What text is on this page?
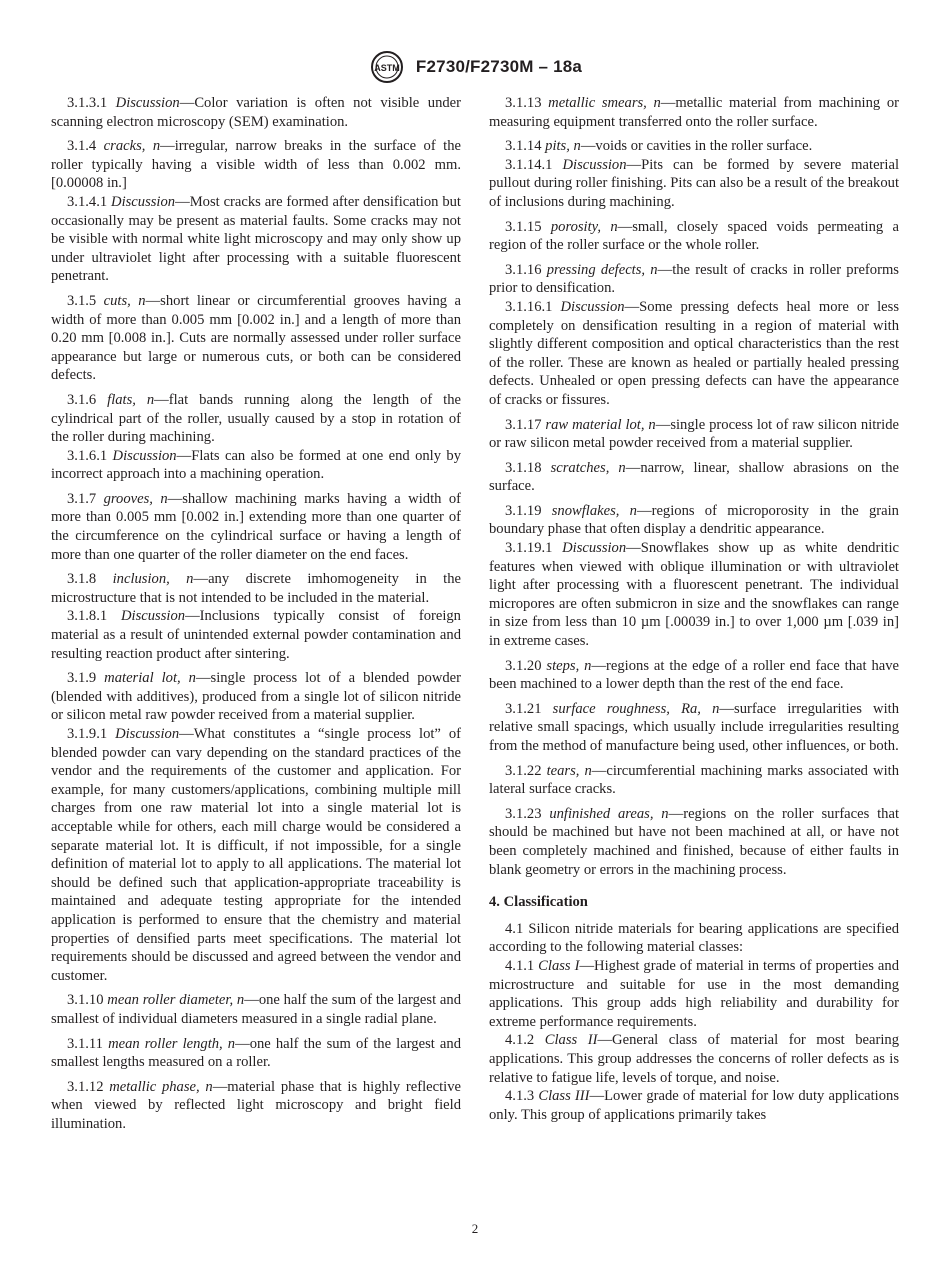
ASTM F2730/F2730M – 18a

3.1.3.1 Discussion—Color variation is often not visible under scanning electron microscopy (SEM) examination.

3.1.4 cracks, n—irregular, narrow breaks in the surface of the roller typically having a visible width of less than 0.002 mm. [0.00008 in.]

3.1.4.1 Discussion—Most cracks are formed after densification but occasionally may be present as material faults. Some cracks may not be visible with normal white light microscopy and may only show up under ultraviolet light after processing with a suitable fluorescent penetrant.

3.1.5 cuts, n—short linear or circumferential grooves having a width of more than 0.005 mm [0.002 in.] and a length of more than 0.20 mm [0.008 in.]. Cuts are normally assessed under roller surface appearance but large or numerous cuts, or both can be considered defects.

3.1.6 flats, n—flat bands running along the length of the cylindrical part of the roller, usually caused by a stop in rotation of the roller during machining.

3.1.6.1 Discussion—Flats can also be formed at one end only by incorrect approach into a machining operation.

3.1.7 grooves, n—shallow machining marks having a width of more than 0.005 mm [0.002 in.] extending more than one quarter of the circumference on the cylindrical surface or having a length of more than one quarter of the roller diameter on the end faces.

3.1.8 inclusion, n—any discrete imhomogeneity in the microstructure that is not intended to be included in the material.

3.1.8.1 Discussion—Inclusions typically consist of foreign material as a result of unintended external powder contamination and resulting reaction product after sintering.

3.1.9 material lot, n—single process lot of a blended powder (blended with additives), produced from a single lot of silicon nitride or silicon metal raw powder received from a material supplier.

3.1.9.1 Discussion—What constitutes a “single process lot” of blended powder can vary depending on the standard practices of the vendor and the requirements of the customer and application. For example, for many customers/applications, combining multiple mill charges from one raw material lot into a single material lot is acceptable while for others, each mill charge would be considered a separate material lot. It is difficult, if not impossible, for a single definition of material lot to apply to all applications. The material lot should be defined such that application-appropriate traceability is maintained and adequate testing appropriate for the intended application is performed to ensure that the chemistry and material properties of densified parts meet specifications. The material lot requirements should be discussed and agreed between the vendor and customer.

3.1.10 mean roller diameter, n—one half the sum of the largest and smallest of individual diameters measured in a single radial plane.

3.1.11 mean roller length, n—one half the sum of the largest and smallest lengths measured on a roller.

3.1.12 metallic phase, n—material phase that is highly reflective when viewed by reflected light microscopy and bright field illumination.

3.1.13 metallic smears, n—metallic material from machining or measuring equipment transferred onto the roller surface.

3.1.14 pits, n—voids or cavities in the roller surface.

3.1.14.1 Discussion—Pits can be formed by severe material pullout during roller finishing. Pits can also be a result of the breakout of inclusions during machining.

3.1.15 porosity, n—small, closely spaced voids permeating a region of the roller surface or the whole roller.

3.1.16 pressing defects, n—the result of cracks in roller preforms prior to densification.

3.1.16.1 Discussion—Some pressing defects heal more or less completely on densification resulting in a region of material with slightly different composition and optical characteristics than the rest of the roller. These are known as healed or partially healed pressing defects. Unhealed or open pressing defects can have the appearance of cracks or fissures.

3.1.17 raw material lot, n—single process lot of raw silicon nitride or raw silicon metal powder received from a material supplier.

3.1.18 scratches, n—narrow, linear, shallow abrasions on the surface.

3.1.19 snowflakes, n—regions of microporosity in the grain boundary phase that often display a dendritic appearance.

3.1.19.1 Discussion—Snowflakes show up as white dendritic features when viewed with oblique illumination or with ultraviolet light after processing with a fluorescent penetrant. The individual micropores are often submicron in size and the snowflakes can range in size from less than 10 µm [.00039 in.] to over 1,000 µm [.039 in] in extreme cases.

3.1.20 steps, n—regions at the edge of a roller end face that have been machined to a lower depth than the rest of the end face.

3.1.21 surface roughness, Ra, n—surface irregularities with relative small spacings, which usually include irregularities resulting from the method of manufacture being used, other influences, or both.

3.1.22 tears, n—circumferential machining marks associated with lateral surface cracks.

3.1.23 unfinished areas, n—regions on the roller surfaces that should be machined but have not been machined at all, or have not been completely machined and finished, because of either faults in blank geometry or errors in the machining process.

4. Classification

4.1 Silicon nitride materials for bearing applications are specified according to the following material classes:

4.1.1 Class I—Highest grade of material in terms of properties and microstructure and suitable for use in the most demanding applications. This group adds high reliability and durability for extreme performance requirements.

4.1.2 Class II—General class of material for most bearing applications. This group addresses the concerns of roller defects as is relative to fatigue life, levels of torque, and noise.

4.1.3 Class III—Lower grade of material for low duty applications only. This group of applications primarily takes

2
